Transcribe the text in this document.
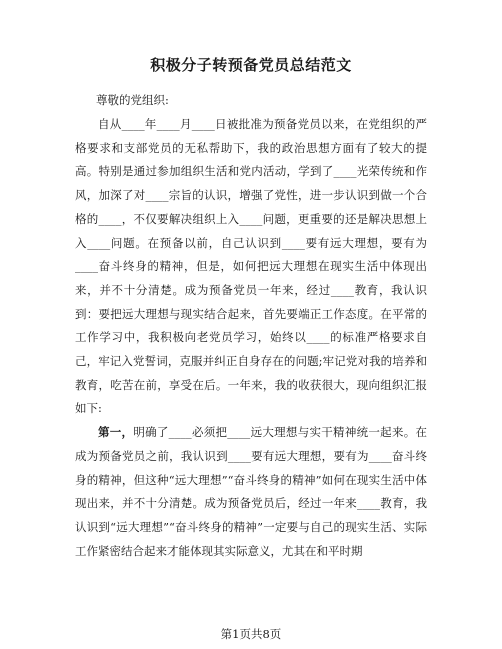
积极分子转预备党员总结范文
尊敬的党组织:

自从____年____月____日被批准为预备党员以来，在党组织的严格要求和支部党员的无私帮助下，我的政治思想方面有了较大的提高。特别是通过参加组织生活和党内活动，学到了____光荣传统和作风，加深了对____宗旨的认识，增强了党性，进一步认识到做一个合格的____，不仅要解决组织上入____问题，更重要的还是解决思想上入____问题。在预备以前，自己认识到____要有远大理想，要有为____奋斗终身的精神，但是，如何把远大理想在现实生活中体现出来，并不十分清楚。成为预备党员一年来，经过____教育，我认识到：要把远大理想与现实结合起来，首先要端正工作态度。在平常的工作学习中，我积极向老党员学习，始终以____的标准严格要求自己，牢记入党誓词，克服并纠正自身存在的问题;牢记党对我的培养和教育，吃苦在前，享受在后。一年来，我的收获很大，现向组织汇报如下:

第一，明确了____必须把____远大理想与实干精神统一起来。在成为预备党员之前，我认识到____要有远大理想，要有为____奋斗终身的精神，但这种“远大理想”“奋斗终身的精神”如何在现实生活中体现出来，并不十分清楚。成为预备党员后，经过一年来____教育，我认识到“远大理想”“奋斗终身的精神”一定要与自己的现实生活、实际工作紧密结合起来才能体现其实际意义，尤其在和平时期

第1页共8页
